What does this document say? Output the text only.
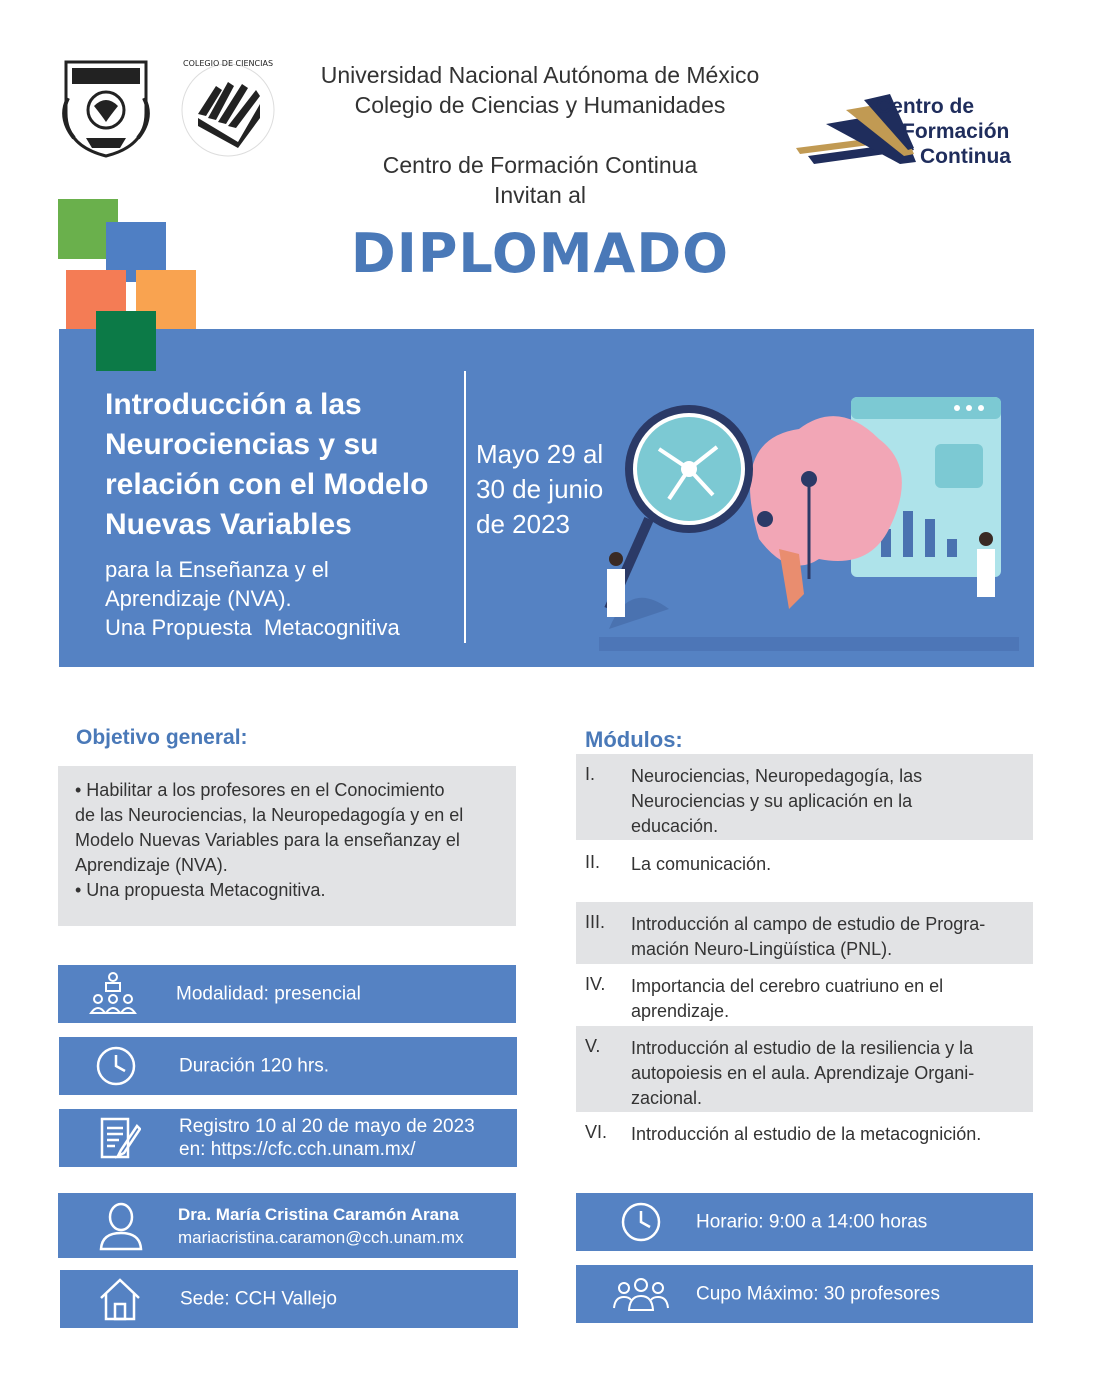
COLEGIO DE CIENCIAS	Universidad Nacional Autónoma de México
Colegio de Ciencias y Humanidades
Centro de Formación Continua
Invitan al
DIPLOMADO
Centro de
Formación
Continua
Introducción a las Neurociencias y su relación con el Modelo Nuevas Variables
para la Enseñanza y el
Aprendizaje (NVA).
Una Propuesta  Metacognitiva
Mayo 29 al
30 de junio
de 2023
Objetivo general:
• Habilitar a los profesores en el Conocimiento
de las Neurociencias, la Neuropedagogía y en el
Modelo Nuevas Variables para la enseñanzay el
Aprendizaje (NVA).
• Una propuesta Metacognitiva.
Módulos:
I. Neurociencias, Neuropedagogía, las
Neurociencias y su aplicación en la
educación.
II. La comunicación.
III. Introducción al campo de estudio de Progra-
mación Neuro-Lingüística (PNL).
IV. Importancia del cerebro cuatriuno en el
aprendizaje.
V. Introducción al estudio de la resiliencia y la
autopoiesis en el aula. Aprendizaje Organi-
zacional.
VI. Introducción al estudio de la metacognición.
Modalidad: presencial
Duración 120 hrs.
Registro 10 al 20 de mayo de 2023
en: https://cfc.cch.unam.mx/
Dra. María Cristina Caramón Arana
mariacristina.caramon@cch.unam.mx
Sede: CCH Vallejo
Horario: 9:00 a 14:00 horas
Cupo Máximo: 30 profesores
